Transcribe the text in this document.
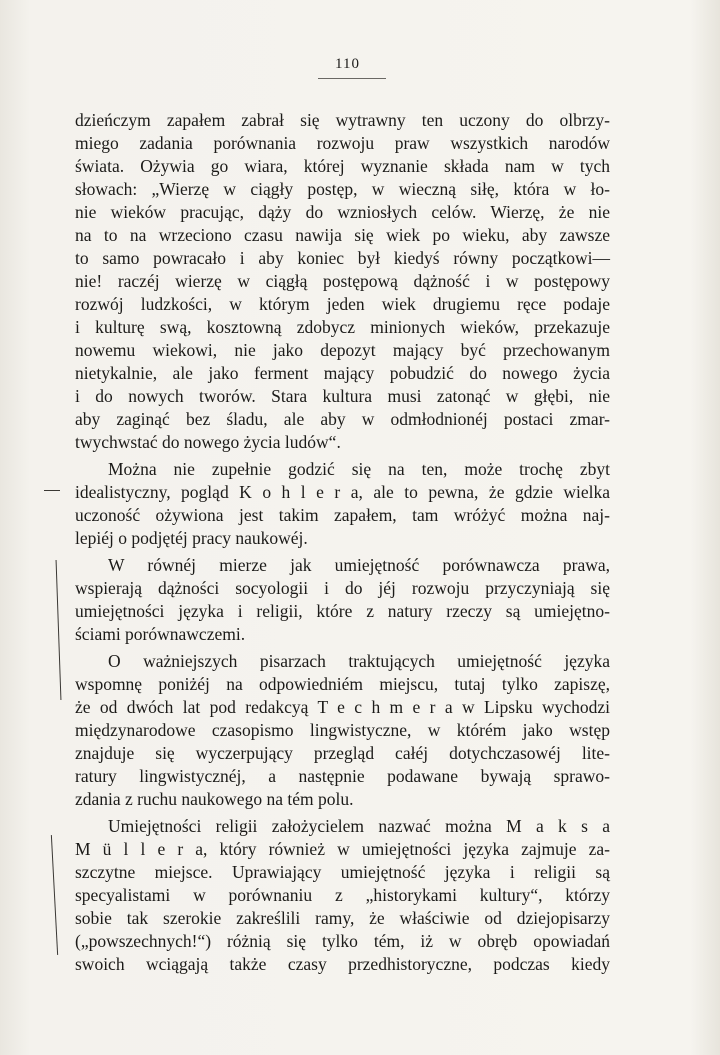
110

dzieńczym zapałem zabrał się wytrawny ten uczony do olbrzy-

miego zadania porównania rozwoju praw wszystkich narodów

świata. Ożywia go wiara, której wyznanie składa nam w tych

słowach: „Wierzę w ciągły postęp, w wieczną siłę, która w ło-

nie wieków pracując, dąży do wzniosłych celów. Wierzę, że nie

na to na wrzeciono czasu nawija się wiek po wieku, aby zawsze

to samo powracało i aby koniec był kiedyś równy początkowi—

nie! raczéj wierzę w ciągłą postępową dążność i w postępowy

rozwój ludzkości, w którym jeden wiek drugiemu ręce podaje

i kulturę swą, kosztowną zdobycz minionych wieków, przekazuje

nowemu wiekowi, nie jako depozyt mający być przechowanym

nietykalnie, ale jako ferment mający pobudzić do nowego życia

i do nowych tworów. Stara kultura musi zatonąć w głębi, nie

aby zaginąć bez śladu, ale aby w odmłodnionéj postaci zmar-

twychwstać do nowego życia ludów“.

Można nie zupełnie godzić się na ten, może trochę zbyt

idealistyczny, pogląd K o h l e r a, ale to pewna, że gdzie wielka

uczoność ożywiona jest takim zapałem, tam wróżyć można naj-

lepiéj o podjętéj pracy naukowéj.

W równéj mierze jak umiejętność porównawcza prawa,

wspierają dążności socyologii i do jéj rozwoju przyczyniają się

umiejętności języka i religii, które z natury rzeczy są umiejętno-

ściami porównawczemi.

O ważniejszych pisarzach traktujących umiejętność języka

wspomnę poniżéj na odpowiedniém miejscu, tutaj tylko zapiszę,

że od dwóch lat pod redakcyą T e c h m e r a w Lipsku wychodzi

międzynarodowe czasopismo lingwistyczne, w którém jako wstęp

znajduje się wyczerpujący przegląd całéj dotychczasowéj lite-

ratury lingwistycznéj, a następnie podawane bywają sprawo-

zdania z ruchu naukowego na tém polu.

Umiejętności religii założycielem nazwać można M a k s a

M ü l l e r a, który również w umiejętności języka zajmuje za-

szczytne miejsce. Uprawiający umiejętność języka i religii są

specyalistami w porównaniu z „historykami kultury“, którzy

sobie tak szerokie zakreślili ramy, że właściwie od dziejopisarzy

(„powszechnych!“) różnią się tylko tém, iż w obręb opowiadań

swoich wciągają także czasy przedhistoryczne, podczas kiedy
